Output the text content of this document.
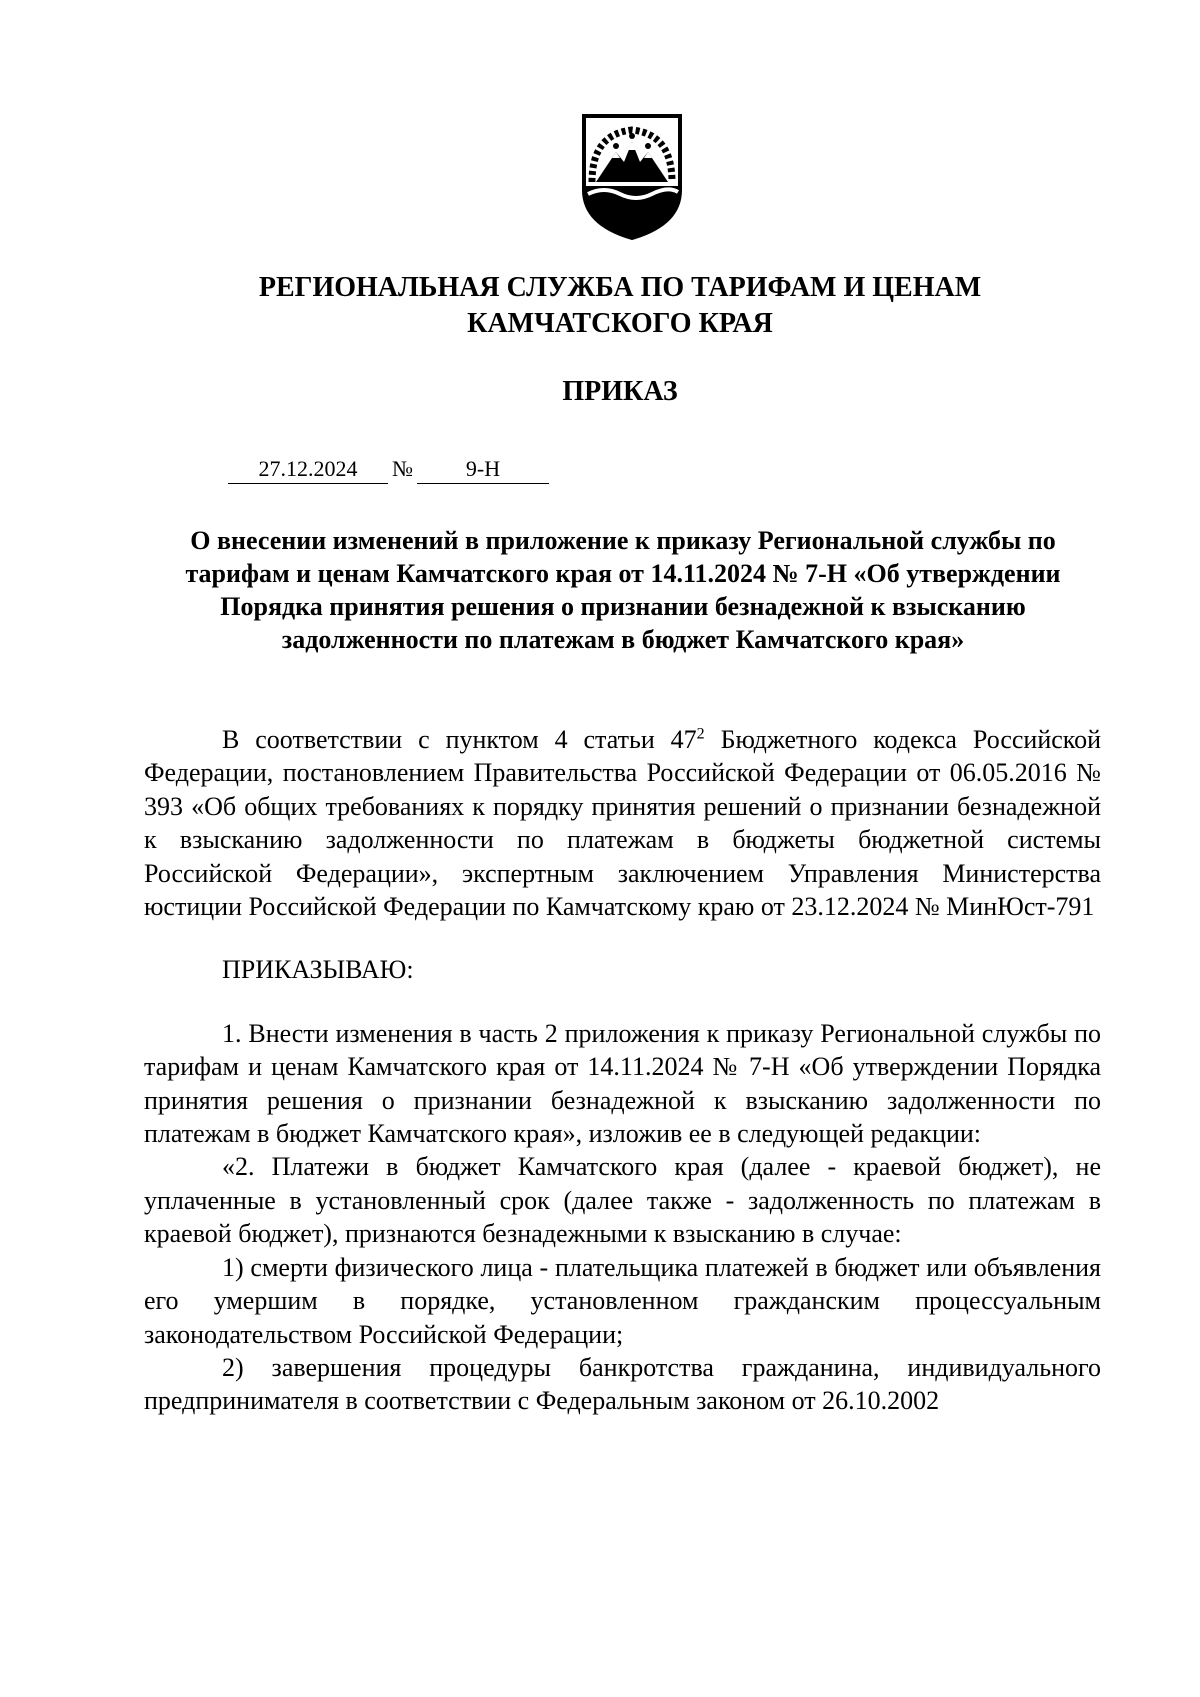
РЕГИОНАЛЬНАЯ СЛУЖБА ПО ТАРИФАМ И ЦЕНАМ
КАМЧАТСКОГО КРАЯ
ПРИКАЗ
27.12.2024 № 9-Н
О внесении изменений в приложение к приказу Региональной службы по тарифам и ценам Камчатского края от 14.11.2024 № 7-Н «Об утверждении Порядка принятия решения о признании безнадежной к взысканию задолженности по платежам в бюджет Камчатского края»

В соответствии с пунктом 4 статьи $47^2$ Бюджетного кодекса Российской Федерации, постановлением Правительства Российской Федерации от 06.05.2016 № 393 «Об общих требованиях к порядку принятия решений о признании безнадежной к взысканию задолженности по платежам в бюджеты бюджетной системы Российской Федерации», экспертным заключением Управления Министерства юстиции Российской Федерации по Камчатскому краю от 23.12.2024 № МинЮст-791

ПРИКАЗЫВАЮ:

1. Внести изменения в часть 2 приложения к приказу Региональной службы по тарифам и ценам Камчатского края от 14.11.2024 № 7-Н «Об утверждении Порядка принятия решения о признании безнадежной к взысканию задолженности по платежам в бюджет Камчатского края», изложив ее в следующей редакции:

«2. Платежи в бюджет Камчатского края (далее - краевой бюджет), не уплаченные в установленный срок (далее также - задолженность по платежам в краевой бюджет), признаются безнадежными к взысканию в случае:

1) смерти физического лица - плательщика платежей в бюджет или объявления его умершим в порядке, установленном гражданским процессуальным законодательством Российской Федерации;

2) завершения процедуры банкротства гражданина, индивидуального предпринимателя в соответствии с Федеральным законом от 26.10.2002
